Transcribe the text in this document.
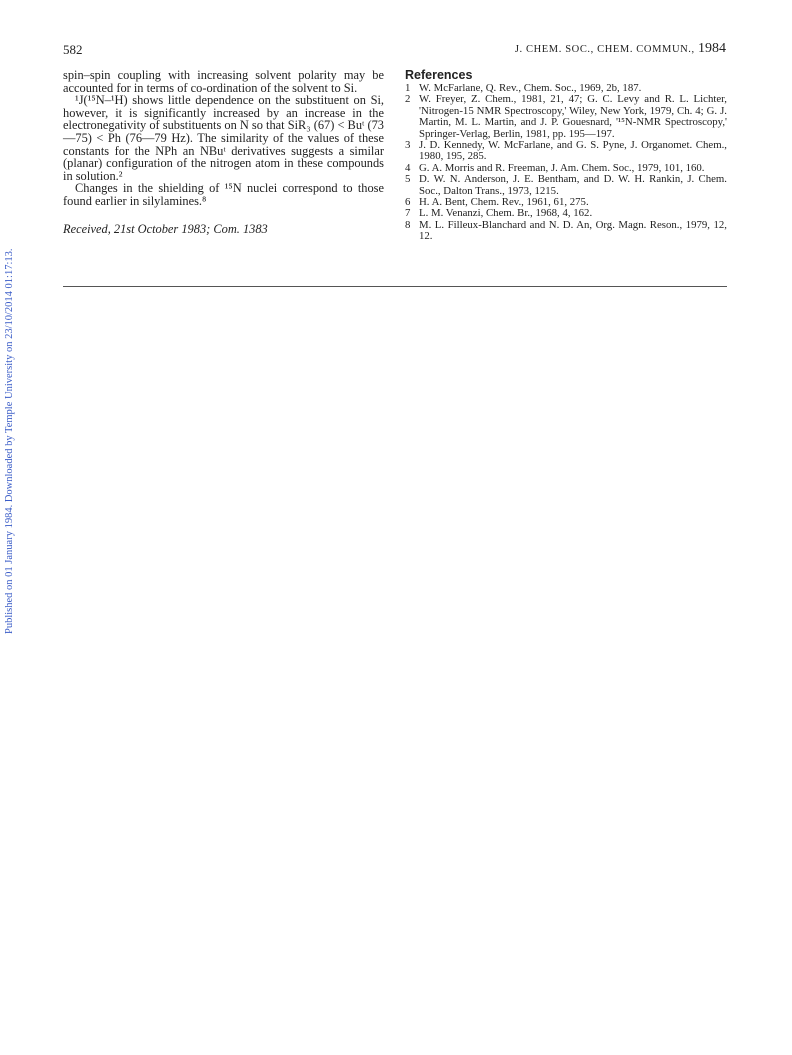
Published on 01 January 1984. Downloaded by Temple University on 23/10/2014 01:17:13.
582	J. CHEM. SOC., CHEM. COMMUN., 1984

spin–spin coupling with increasing solvent polarity may be accounted for in terms of co-ordination of the solvent to Si.

¹J(¹⁵N–¹H) shows little dependence on the substituent on Si, however, it is significantly increased by an increase in the electronegativity of substituents on N so that SiR₃ (67) < Buᵗ (73—75) < Ph (76—79 Hz). The similarity of the values of these constants for the NPh an NBuᵗ derivatives suggests a similar (planar) configuration of the nitrogen atom in these compounds in solution.²

Changes in the shielding of ¹⁵N nuclei correspond to those found earlier in silylamines.⁸

Received, 21st October 1983; Com. 1383

References
1 W. McFarlane, Q. Rev., Chem. Soc., 1969, 2b, 187.
2 W. Freyer, Z. Chem., 1981, 21, 47; G. C. Levy and R. L. Lichter, 'Nitrogen-15 NMR Spectroscopy,' Wiley, New York, 1979, Ch. 4; G. J. Martin, M. L. Martin, and J. P. Gouesnard, '¹⁵N-NMR Spectroscopy,' Springer-Verlag, Berlin, 1981, pp. 195—197.
3 J. D. Kennedy, W. McFarlane, and G. S. Pyne, J. Organomet. Chem., 1980, 195, 285.
4 G. A. Morris and R. Freeman, J. Am. Chem. Soc., 1979, 101, 160.
5 D. W. N. Anderson, J. E. Bentham, and D. W. H. Rankin, J. Chem. Soc., Dalton Trans., 1973, 1215.
6 H. A. Bent, Chem. Rev., 1961, 61, 275.
7 L. M. Venanzi, Chem. Br., 1968, 4, 162.
8 M. L. Filleux-Blanchard and N. D. An, Org. Magn. Reson., 1979, 12, 12.
